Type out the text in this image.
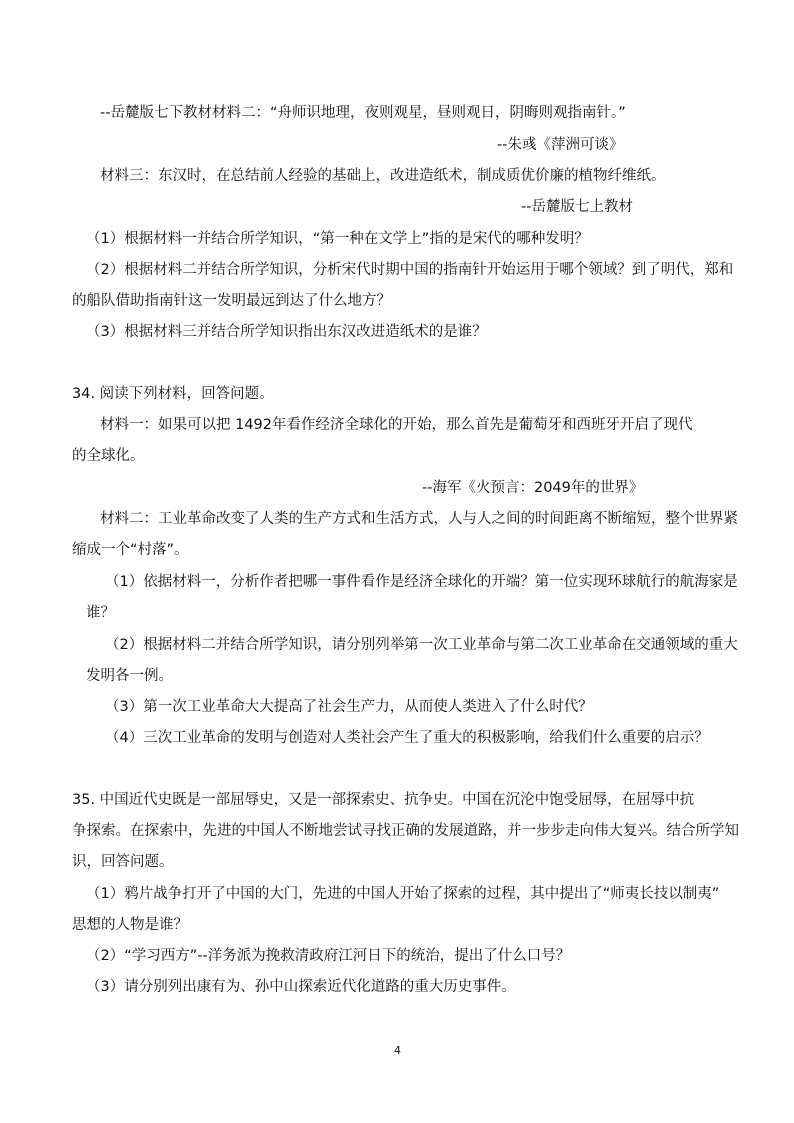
--岳麓版七下教材材料二：“舟师识地理，夜则观星，昼则观日，阴晦则观指南针。”
--朱彧《萍洲可谈》
材料三：东汉时，在总结前人经验的基础上，改进造纸术，制成质优价廉的植物纤维纸。
--岳麓版七上教材
（1）根据材料一并结合所学知识，“第一种在文学上”指的是宋代的哪种发明？
（2）根据材料二并结合所学知识，分析宋代时期中国的指南针开始运用于哪个领域？到了明代，郑和
的船队借助指南针这一发明最远到达了什么地方？
（3）根据材料三并结合所学知识指出东汉改进造纸术的是谁？
34. 阅读下列材料，回答问题。
材料一：如果可以把 1492年看作经济全球化的开始，那么首先是葡萄牙和西班牙开启了现代
的全球化。
--海军《火预言：2049年的世界》
材料二：工业革命改变了人类的生产方式和生活方式，人与人之间的时间距离不断缩短，整个世界紧
缩成一个“村落”。
（1）依据材料一，分析作者把哪一事件看作是经济全球化的开端？第一位实现环球航行的航海家是
谁？
（2）根据材料二并结合所学知识，请分别列举第一次工业革命与第二次工业革命在交通领域的重大
发明各一例。
（3）第一次工业革命大大提高了社会生产力，从而使人类进入了什么时代？
（4）三次工业革命的发明与创造对人类社会产生了重大的积极影响，给我们什么重要的启示？
35. 中国近代史既是一部屈辱史，又是一部探索史、抗争史。中国在沉沦中饱受屈辱，在屈辱中抗
争探索。在探索中，先进的中国人不断地尝试寻找正确的发展道路，并一步步走向伟大复兴。结合所学知
识，回答问题。
（1）鸦片战争打开了中国的大门，先进的中国人开始了探索的过程，其中提出了“师夷长技以制夷”
思想的人物是谁？
（2）“学习西方”--洋务派为挽救清政府江河日下的统治，提出了什么口号？
（3）请分别列出康有为、孙中山探索近代化道路的重大历史事件。
4
